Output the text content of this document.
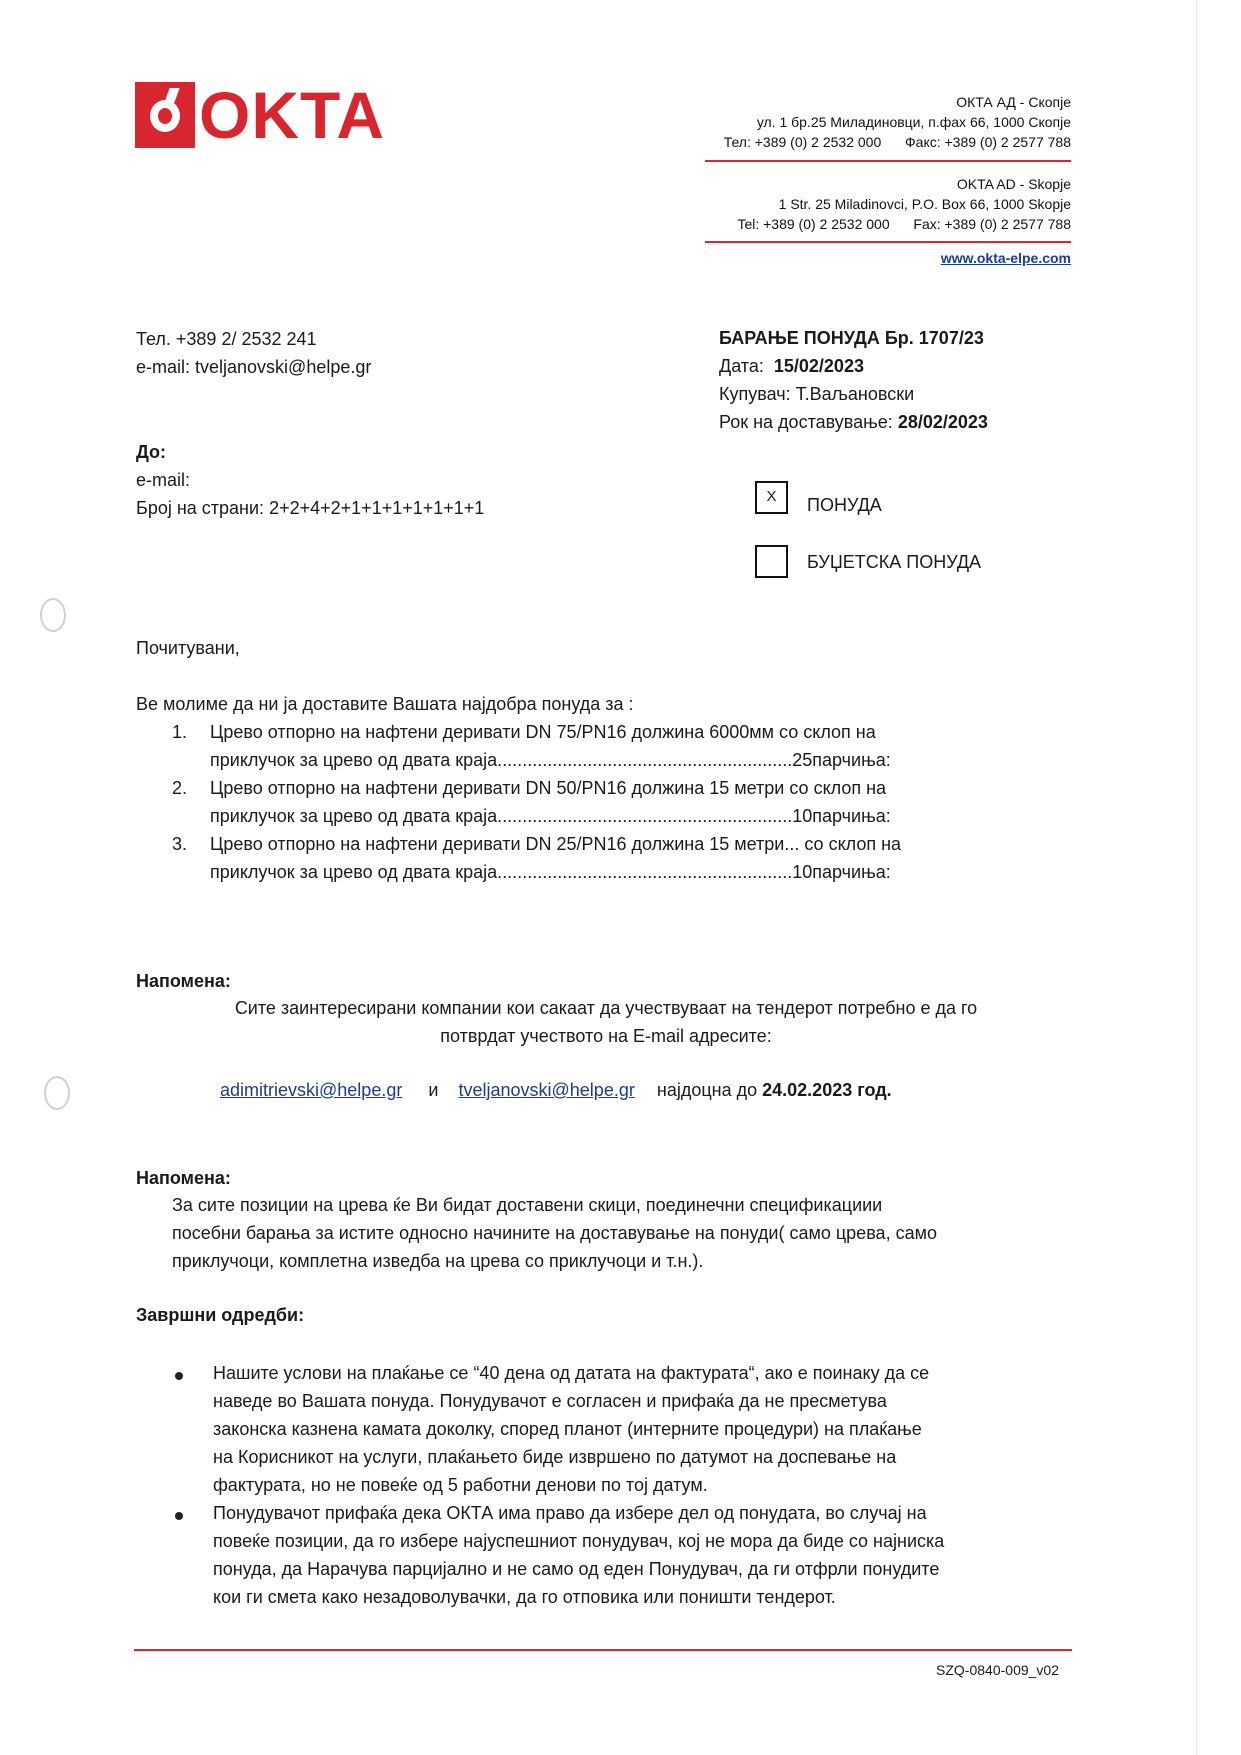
OKTA	ОКТА АД - Скопје
ул. 1 бр.25 Миладиновци, п.фах 66, 1000 Скопје
Тел: +389 (0) 2 2532 000 Факс: +389 (0) 2 2577 788
OKTA AD - Skopje
1 Str. 25 Miladinovci, P.O. Box 66, 1000 Skopje
Tel: +389 (0) 2 2532 000 Fax: +389 (0) 2 2577 788
www.okta-elpe.com
Тел. +389 2/ 2532 241
e-mail: tveljanovski@helpe.gr
БАРАЊЕ ПОНУДА Бр. 1707/23
Дата: 15/02/2023
Купувач: Т.Ваљановски
Рок на доставување: 28/02/2023
До:
e-mail:
Број на страни: 2+2+4+2+1+1+1+1+1+1+1
X	ПОНУДА
БУЏЕТСКА ПОНУДА
Почитувани,
Ве молиме да ни ја доставите Вашата најдобра понуда за :
1. Црево отпорно на нафтени деривати DN 75/PN16 должина 6000мм со склоп на
приклучок за црево од двата краја...........................................................25парчиња:
2. Црево отпорно на нафтени деривати DN 50/PN16 должина 15 метри со склоп на
приклучок за црево од двата краја...........................................................10парчиња:
3. Црево отпорно на нафтени деривати DN 25/PN16 должина 15 метри... со склоп на
приклучок за црево од двата краја...........................................................10парчиња:
Напомена:
Сите заинтересирани компании кои сакаат да учествуваат на тендерот потребно е да го
потврдат учеството на E-mail адресите:
adimitrievski@helpe.gr и tveljanovski@helpe.gr најдоцна до 24.02.2023 год.
Напомена:
За сите позиции на црева ќе Ви бидат доставени скици, поединечни спецификациии
посебни барања за истите односно начините на доставување на понуди( само црева, само
приклучоци, комплетна изведба на црева со приклучоци и т.н.).
Завршни одредби:
Нашите услови на плаќање се “40 дена од датата на фактурата“, ако е поинаку да се
наведе во Вашата понуда. Понудувачот е согласен и прифаќа да не пресметува
законска казнена камата доколку, според планот (интерните процедури) на плаќање
на Корисникот на услуги, плаќањето биде извршено по датумот на доспевање на
фактурата, но не повеќе од 5 работни денови по тој датум.
Понудувачот прифаќа дека ОКТА има право да избере дел од понудата, во случај на
повеќе позиции, да го избере најуспешниот понудувач, кој не мора да биде со најниска
понуда, да Нарачува парцијално и не само од еден Понудувач, да ги отфрли понудите
кои ги смета како незадоволувачки, да го отповика или поништи тендерот.
SZQ-0840-009_v02
